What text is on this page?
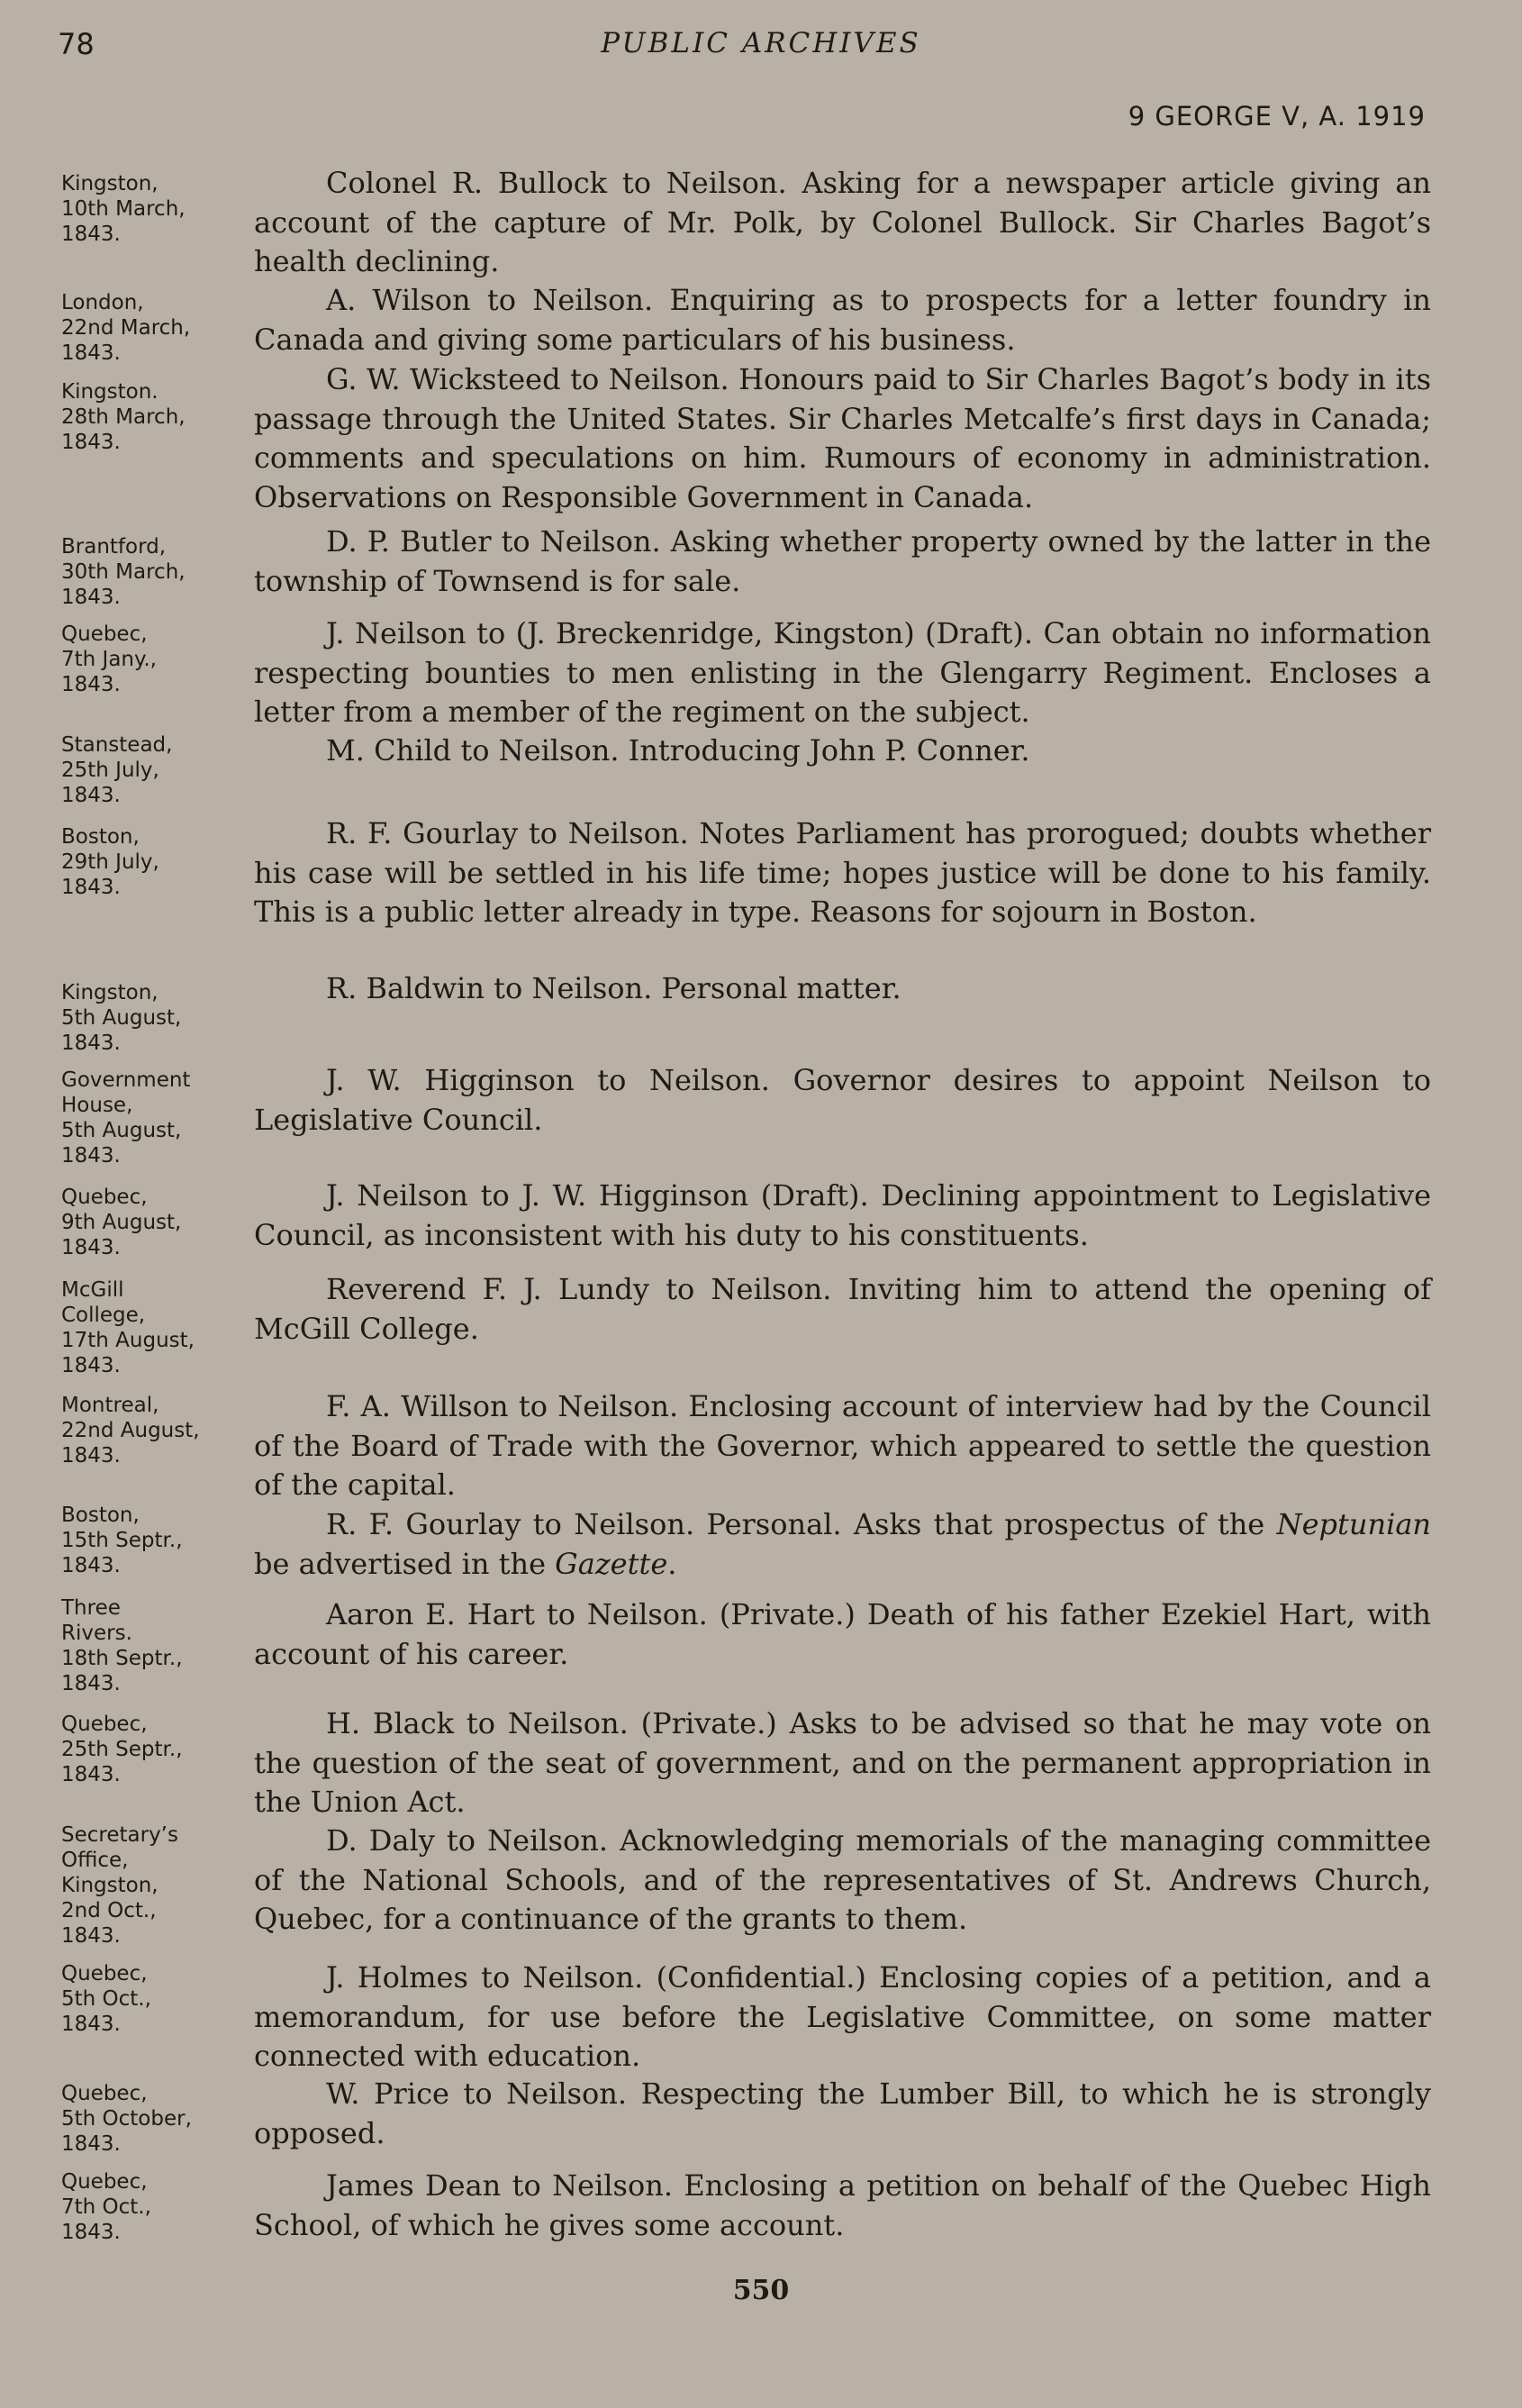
78	PUBLIC ARCHIVES
9 GEORGE V, A. 1919
Kingston,
10th March,
1843.
Colonel R. Bullock to Neilson. Asking for a newspaper article giving an account of the capture of Mr. Polk, by Colonel Bullock. Sir Charles Bagot’s health declining.
London,
22nd March,
1843.
A. Wilson to Neilson. Enquiring as to prospects for a letter foundry in Canada and giving some particulars of his business.
Kingston.
28th March,
1843.
G. W. Wicksteed to Neilson. Honours paid to Sir Charles Bagot’s body in its passage through the United States. Sir Charles Metcalfe’s first days in Canada; comments and speculations on him. Rumours of economy in administration. Observations on Responsible Government in Canada.
Brantford,
30th March,
1843.
D. P. Butler to Neilson. Asking whether property owned by the latter in the township of Townsend is for sale.
Quebec,
7th Jany.,
1843.
J. Neilson to (J. Breckenridge, Kingston) (Draft). Can obtain no information respecting bounties to men enlisting in the Glengarry Regiment. Encloses a letter from a member of the regiment on the subject.
Stanstead,
25th July,
1843.
M. Child to Neilson. Introducing John P. Conner.
Boston,
29th July,
1843.
R. F. Gourlay to Neilson. Notes Parliament has prorogued; doubts whether his case will be settled in his life time; hopes justice will be done to his family. This is a public letter already in type. Reasons for sojourn in Boston.
Kingston,
5th August,
1843.
R. Baldwin to Neilson. Personal matter.
Government
House,
5th August,
1843.
J. W. Higginson to Neilson. Governor desires to appoint Neilson to Legislative Council.
Quebec,
9th August,
1843.
J. Neilson to J. W. Higginson (Draft). Declining appointment to Legislative Council, as inconsistent with his duty to his constituents.
McGill
College,
17th August,
1843.
Reverend F. J. Lundy to Neilson. Inviting him to attend the opening of McGill College.
Montreal,
22nd August,
1843.
F. A. Willson to Neilson. Enclosing account of interview had by the Council of the Board of Trade with the Governor, which appeared to settle the question of the capital.
Boston,
15th Septr.,
1843.
R. F. Gourlay to Neilson. Personal. Asks that prospectus of the Neptunian be advertised in the Gazette.
Three
Rivers.
18th Septr.,
1843.
Aaron E. Hart to Neilson. (Private.) Death of his father Ezekiel Hart, with account of his career.
Quebec,
25th Septr.,
1843.
H. Black to Neilson. (Private.) Asks to be advised so that he may vote on the question of the seat of government, and on the permanent appropriation in the Union Act.
Secretary’s
Office,
Kingston,
2nd Oct.,
1843.
D. Daly to Neilson. Acknowledging memorials of the managing committee of the National Schools, and of the representatives of St. Andrews Church, Quebec, for a continuance of the grants to them.
Quebec,
5th Oct.,
1843.
J. Holmes to Neilson. (Confidential.) Enclosing copies of a petition, and a memorandum, for use before the Legislative Committee, on some matter connected with education.
Quebec,
5th October,
1843.
W. Price to Neilson. Respecting the Lumber Bill, to which he is strongly opposed.
Quebec,
7th Oct.,
1843.
James Dean to Neilson. Enclosing a petition on behalf of the Quebec High School, of which he gives some account.
550
